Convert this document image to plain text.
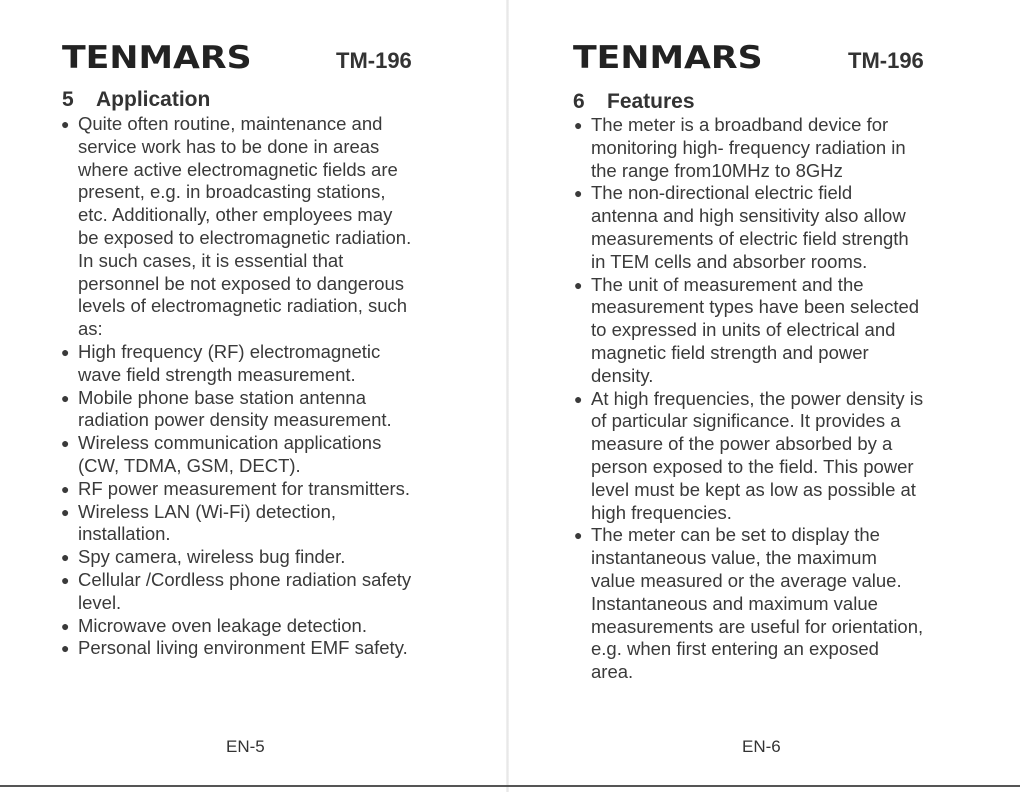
TENMARS	TM-196
5 Application
● Quite often routine, maintenance and
service work has to be done in areas
where active electromagnetic fields are
present, e.g. in broadcasting stations,
etc. Additionally, other employees may
be exposed to electromagnetic radiation.
In such cases, it is essential that
personnel be not exposed to dangerous
levels of electromagnetic radiation, such
as:
● High frequency (RF) electromagnetic
wave field strength measurement.
● Mobile phone base station antenna
radiation power density measurement.
● Wireless communication applications
(CW, TDMA, GSM, DECT).
● RF power measurement for transmitters.
● Wireless LAN (Wi-Fi) detection,
installation.
● Spy camera, wireless bug finder.
● Cellular /Cordless phone radiation safety
level.
● Microwave oven leakage detection.
● Personal living environment EMF safety.
EN-5
TENMARS	TM-196
6 Features
● The meter is a broadband device for
monitoring high- frequency radiation in
the range from10MHz to 8GHz
● The non-directional electric field
antenna and high sensitivity also allow
measurements of electric field strength
in TEM cells and absorber rooms.
● The unit of measurement and the
measurement types have been selected
to expressed in units of electrical and
magnetic field strength and power
density.
● At high frequencies, the power density is
of particular significance. It provides a
measure of the power absorbed by a
person exposed to the field. This power
level must be kept as low as possible at
high frequencies.
● The meter can be set to display the
instantaneous value, the maximum
value measured or the average value.
Instantaneous and maximum value
measurements are useful for orientation,
e.g. when first entering an exposed
area.
EN-6
